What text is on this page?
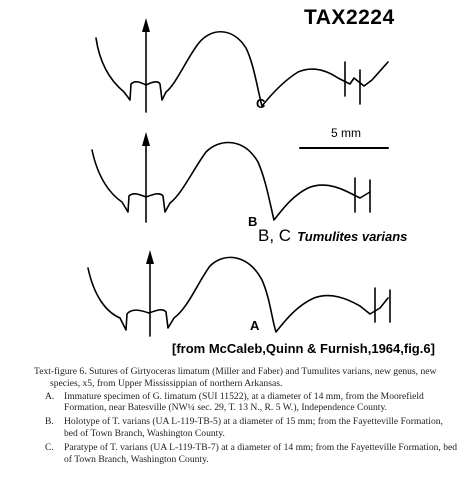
TAX2224
5 mm
C
B
A
B, C Tumulites varians
[from McCaleb,Quinn & Furnish,1964,fig.6]

Text-figure 6. Sutures of Girtyoceras limatum (Miller and Faber) and Tumulites varians, new genus, new species, x5, from Upper Mississippian of northern Arkansas.

A. Immature specimen of G. limatum (SUI 11522), at a diameter of 14 mm, from the Moorefield Formation, near Batesville (NW¼ sec. 29, T. 13 N., R. 5 W.), Independence County.

B. Holotype of T. varians (UA L-119-TB-5) at a diameter of 15 mm; from the Fayetteville Formation, bed of Town Branch, Washington County.

C. Paratype of T. varians (UA L-119-TB-7) at a diameter of 14 mm; from the Fayetteville Formation, bed of Town Branch, Washington County.
